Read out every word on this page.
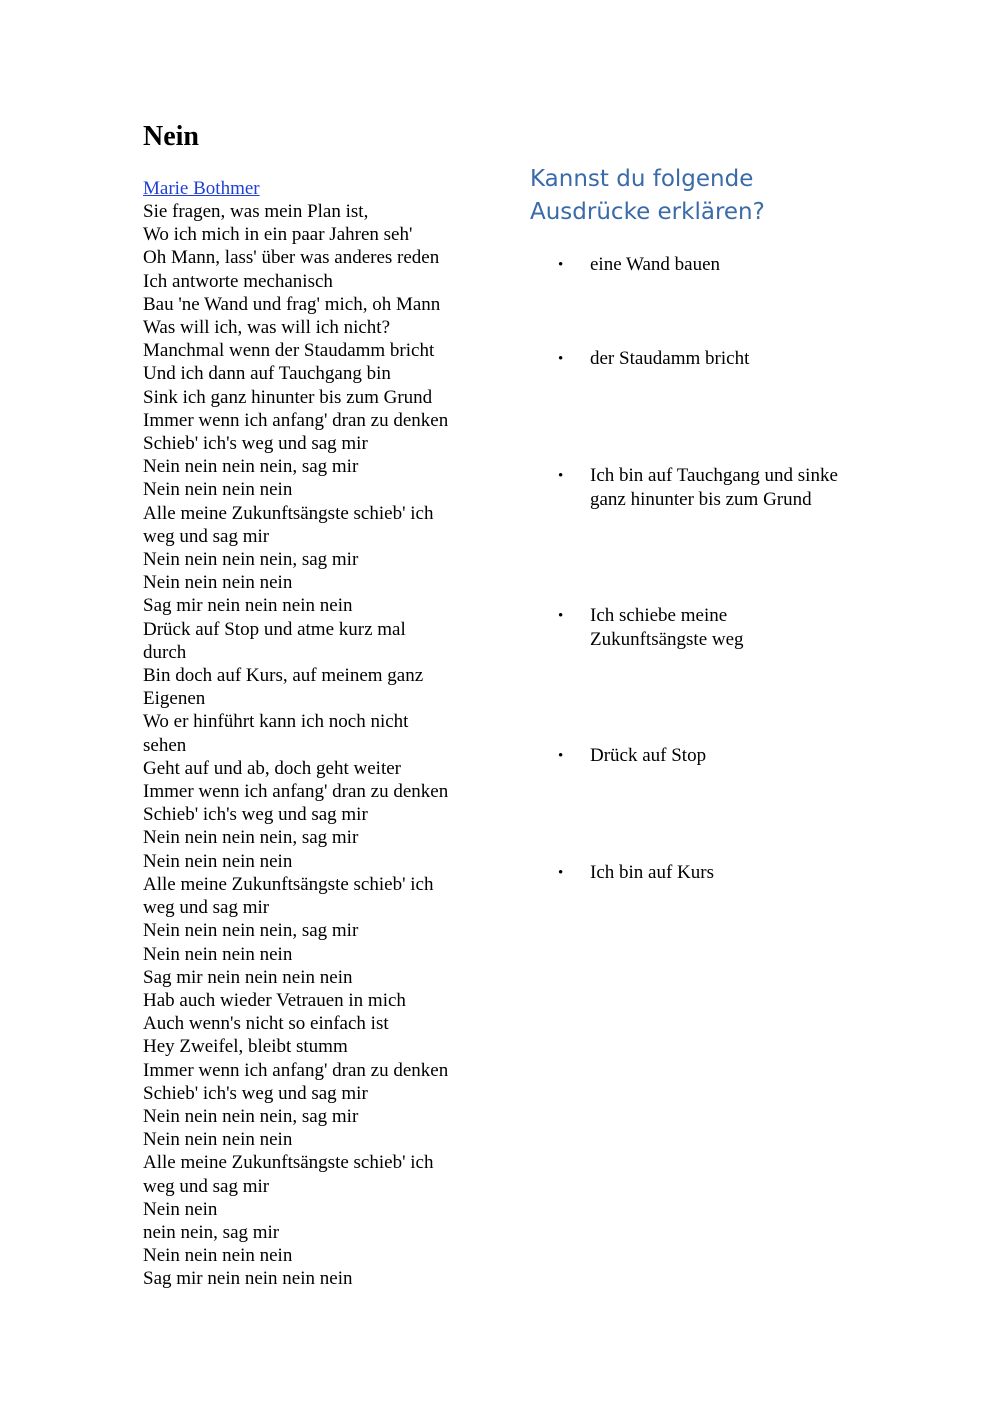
Nein
Marie Bothmer
Sie fragen, was mein Plan ist,
Wo ich mich in ein paar Jahren seh'
Oh Mann, lass' über was anderes reden
Ich antworte mechanisch
Bau 'ne Wand und frag' mich, oh Mann
Was will ich, was will ich nicht?
Manchmal wenn der Staudamm bricht
Und ich dann auf Tauchgang bin
Sink ich ganz hinunter bis zum Grund
Immer wenn ich anfang' dran zu denken
Schieb' ich's weg und sag mir
Nein nein nein nein, sag mir
Nein nein nein nein
Alle meine Zukunftsängste schieb' ich
weg und sag mir
Nein nein nein nein, sag mir
Nein nein nein nein
Sag mir nein nein nein nein
Drück auf Stop und atme kurz mal
durch
Bin doch auf Kurs, auf meinem ganz
Eigenen
Wo er hinführt kann ich noch nicht
sehen
Geht auf und ab, doch geht weiter
Immer wenn ich anfang' dran zu denken
Schieb' ich's weg und sag mir
Nein nein nein nein, sag mir
Nein nein nein nein
Alle meine Zukunftsängste schieb' ich
weg und sag mir
Nein nein nein nein, sag mir
Nein nein nein nein
Sag mir nein nein nein nein
Hab auch wieder Vetrauen in mich
Auch wenn's nicht so einfach ist
Hey Zweifel, bleibt stumm
Immer wenn ich anfang' dran zu denken
Schieb' ich's weg und sag mir
Nein nein nein nein, sag mir
Nein nein nein nein
Alle meine Zukunftsängste schieb' ich
weg und sag mir
Nein nein
nein nein, sag mir
Nein nein nein nein
Sag mir nein nein nein nein
Kannst du folgende
Ausdrücke erklären?
•	eine Wand bauen
•	der Staudamm bricht
•	Ich bin auf Tauchgang und sinke
ganz hinunter bis zum Grund
•	Ich schiebe meine
Zukunftsängste weg
•	Drück auf Stop
•	Ich bin auf Kurs
